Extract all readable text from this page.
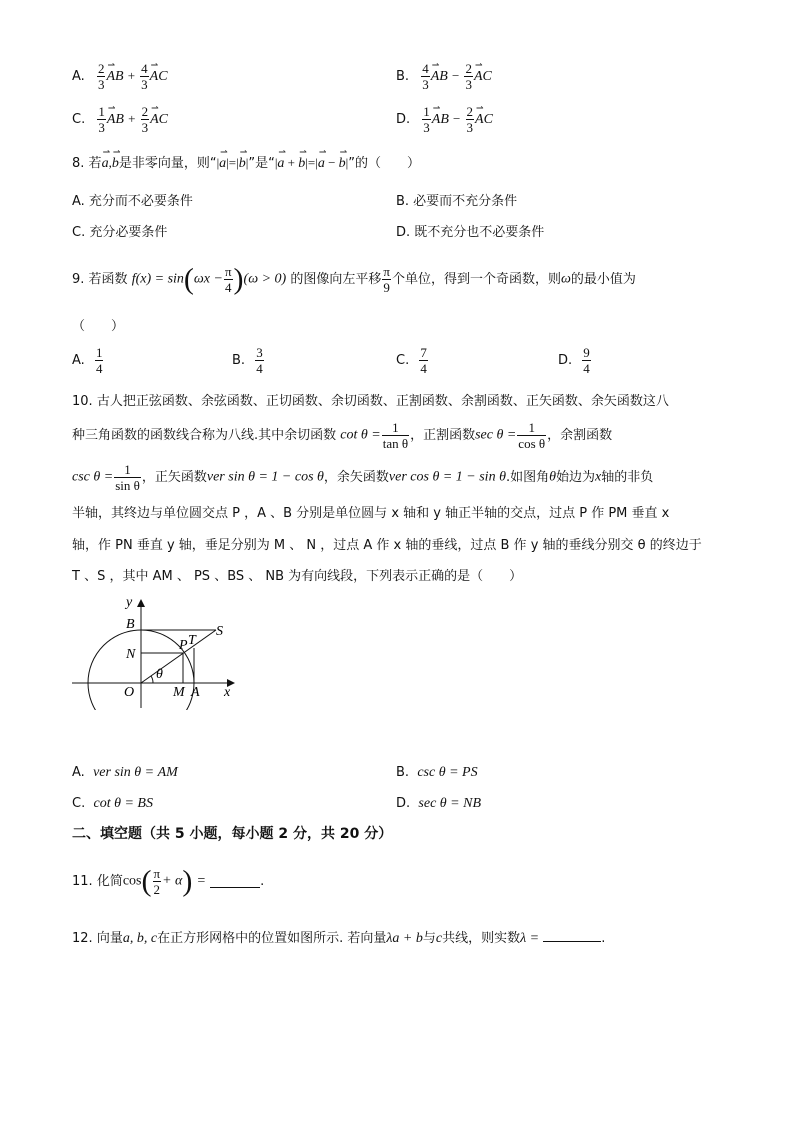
A. $\frac{2}{3}$ ⇀ AB + $\frac{4}{3}$ ⇀ AC	B. $\frac{4}{3}$ ⇀ AB − $\frac{2}{3}$ ⇀ AC
C. $\frac{1}{3}$ ⇀ AB + $\frac{2}{3}$ ⇀ AC	D. $\frac{1}{3}$ ⇀ AB − $\frac{2}{3}$ ⇀ AC
8. 若⇀ a,⇀ b是非零向量，则“|⇀ a|=|⇀ b|”是“|⇀ a + ⇀ b|=|⇀ a − ⇀ b|”的（　　）
A. 充分而不必要条件	B. 必要而不充分条件
C. 充分必要条件	D. 既不充分也不必要条件
9. 若函数 $f(x) = \sin(\omega x - \frac{\pi}{4} )(\omega > 0)$ 的图像向左平移 $\frac{\pi}{9}$ 个单位，得到一个奇函数，则ω的最小值为
（　　）
A. $\frac{1}{4}$	B. $\frac{3}{4}$	C. $\frac{7}{4}$	D. $\frac{9}{4}$
10. 古人把正弦函数、余弦函数、正切函数、余切函数、正割函数、余割函数、正矢函数、余矢函数这八
种三角函数的函数线合称为八线.其中余切函数 $\cot \theta = \frac{1}{\text{tan θ}}$ ，正割函数$\sec \theta = \frac{1}{\text{cos θ}}$ ，余割函数
$\csc \theta = \frac{1}{\text{sin θ}}$ ，正矢函数ver sin θ = 1 − cos θ，余矢函数ver cos θ = 1 − sin θ.如图角θ始边为x轴的非负
半轴，其终边与单位圆交点 P ，A 、B 分别是单位圆与 x 轴和 y 轴正半轴的交点，过点 P 作 PM 垂直 x
轴，作 PN 垂直 y 轴，垂足分别为 M 、 N ，过点 A 作 x 轴的垂线，过点 B 作 y 轴的垂线分别交 θ 的终边于
T 、S ，其中 AM 、 PS 、BS 、 NB 为有向线段，下列表示正确的是（　　）
y
B	S
P T
N
θ
O	M A x
A. ver sin θ = AM	B. csc θ = PS
C. cot θ = BS	D. sec θ = NB
二、填空题（共 5 小题，每小题 2 分，共 20 分）
11. 化简$\cos( \frac{\pi}{2} + \alpha)$ =	.
12. 向量a, b, c在正方形网格中的位置如图所示. 若向量λa + b与c共线，则实数λ =	.
